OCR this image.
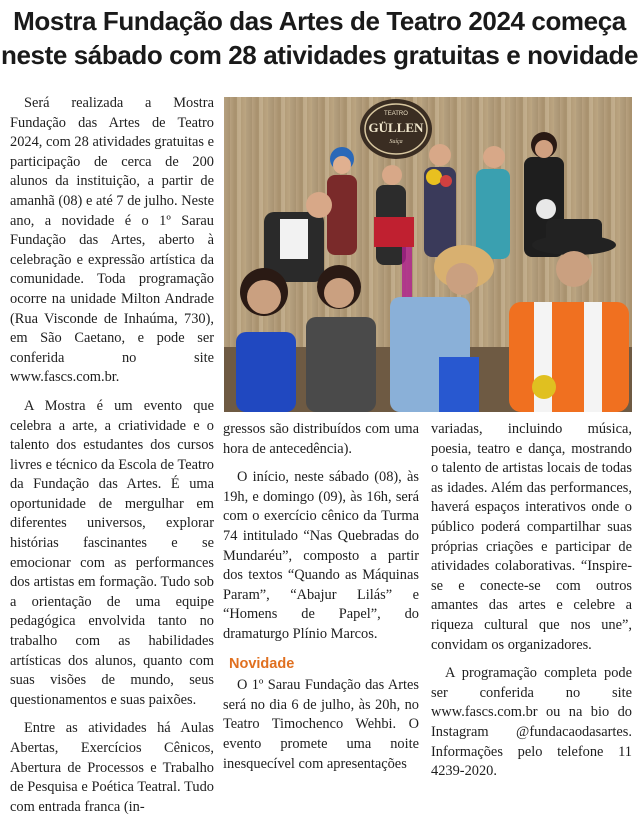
Mostra Fundação das Artes de Teatro 2024 começa
neste sábado com 28 atividades gratuitas e novidade
TEATRO
GÜLLEN
Suíça

Será realizada a Mostra Fundação das Artes de Teatro 2024, com 28 atividades gratuitas e participação de cerca de 200 alunos da instituição, a partir de amanhã (08) e até 7 de julho. Neste ano, a novidade é o 1º Sarau Fundação das Artes, aberto à celebração e expressão artística da comunidade. Toda programação ocorre na unidade Milton Andrade (Rua Visconde de Inhaúma, 730), em São Caetano, e pode ser conferida no site www.fascs.com.br.

A Mostra é um evento que celebra a arte, a criatividade e o talento dos estudantes dos cursos livres e técnico da Escola de Teatro da Fundação das Artes. É uma oportunidade de mergulhar em diferentes universos, explorar histórias fascinantes e se emocionar com as performances dos artistas em formação. Tudo sob a orientação de uma equipe pedagógica envolvida tanto no trabalho com as habilidades artísticas dos alunos, quanto com suas visões de mundo, seus questionamentos e suas paixões.

Entre as atividades há Aulas Abertas, Exercícios Cênicos, Abertura de Processos e Trabalho de Pesquisa e Poética Teatral. Tudo com entrada franca (in-

gressos são distribuídos com uma hora de antecedência).

O início, neste sábado (08), às 19h, e domingo (09), às 16h, será com o exercício cênico da Turma 74 intitulado “Nas Quebradas do Mundaréu”, composto a partir dos textos “Quando as Máquinas Param”, “Abajur Lilás” e “Homens de Papel”, do dramaturgo Plínio Marcos.

Novidade

O 1º Sarau Fundação das Artes será no dia 6 de julho, às 20h, no Teatro Timochenco Wehbi. O evento promete uma noite inesquecível com apresentações

variadas, incluindo música, poesia, teatro e dança, mostrando o talento de artistas locais de todas as idades. Além das performances, haverá espaços interativos onde o público poderá compartilhar suas próprias criações e participar de atividades colaborativas. “Inspire-se e conecte-se com outros amantes das artes e celebre a riqueza cultural que nos une”, convidam os organizadores.

A programação completa pode ser conferida no site www.fascs.com.br ou na bio do Instagram @fundacaodasartes. Informações pelo telefone 11 4239-2020.
